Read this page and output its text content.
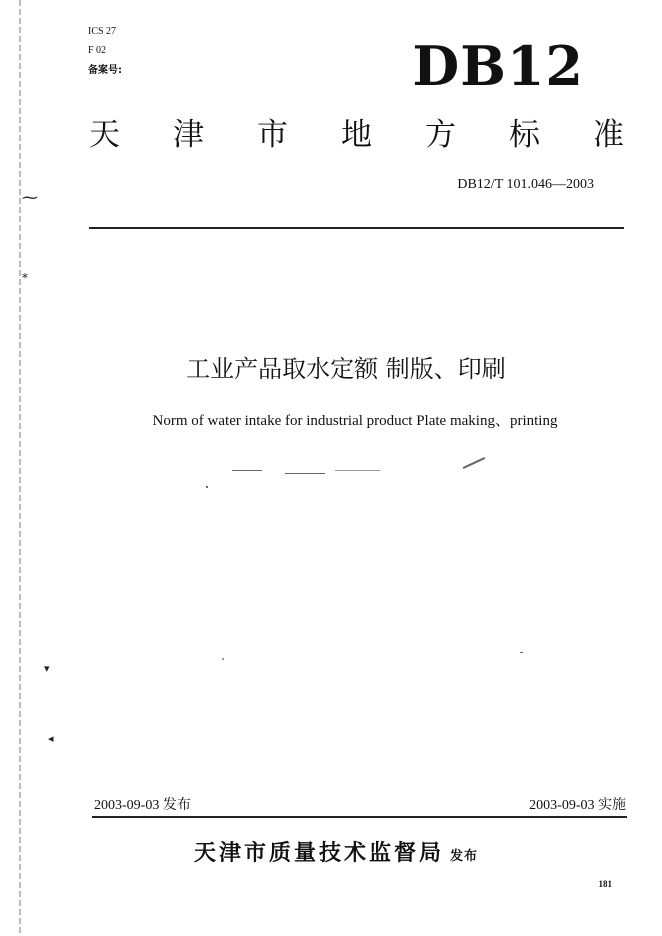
⁓
⁎
▾
◂
ICS 27
F 02
备案号:	DB12
天 津 市 地 方 标 准
DB12/T 101.046—2003
工业产品取水定额 制版、印刷
Norm of water intake for industrial product Plate making、printing
2003-09-03 发布	2003-09-03 实施
天津市质量技术监督局 发布
181
